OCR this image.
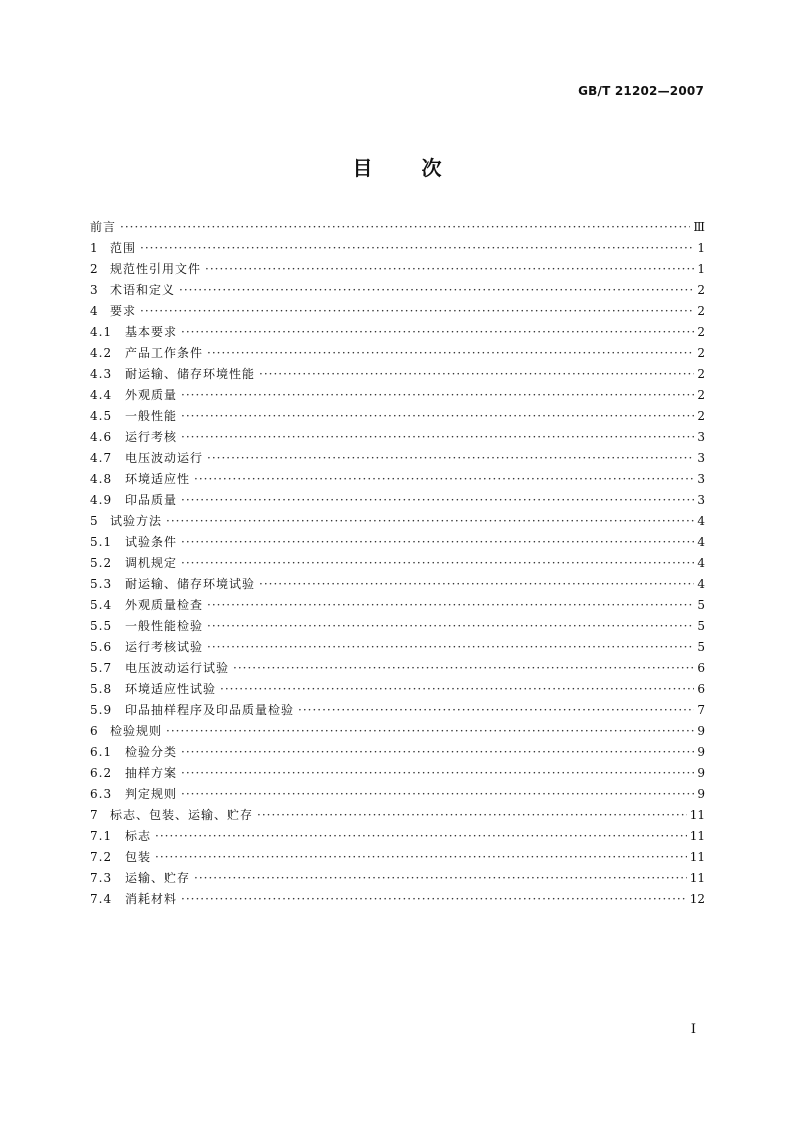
GB/T 21202—2007
目 次
前言 ·····	Ⅲ
1 范围 ·····	1
2 规范性引用文件 ·····	1
3 术语和定义 ·····	2
4 要求 ·····	2
4.1	基本要求 ·····	2
4.2	产品工作条件 ·····	2
4.3	耐运输、储存环境性能 ·····	2
4.4	外观质量 ·····	2
4.5	一般性能 ·····	2
4.6	运行考核 ·····	3
4.7	电压波动运行 ·····	3
4.8	环境适应性 ·····	3
4.9	印品质量 ·····	3
5 试验方法 ·····	4
5.1	试验条件 ·····	4
5.2	调机规定 ·····	4
5.3	耐运输、储存环境试验 ·····	4
5.4	外观质量检查 ·····	5
5.5	一般性能检验 ·····	5
5.6	运行考核试验 ·····	5
5.7	电压波动运行试验 ·····	6
5.8	环境适应性试验 ·····	6
5.9	印品抽样程序及印品质量检验 ·····	7
6 检验规则 ·····	9
6.1	检验分类 ·····	9
6.2	抽样方案 ·····	9
6.3	判定规则 ·····	9
7 标志、包装、运输、贮存 ·····	11
7.1	标志 ·····	11
7.2	包装 ·····	11
7.3	运输、贮存 ·····	11
7.4	消耗材料 ·····	12
Ⅰ
